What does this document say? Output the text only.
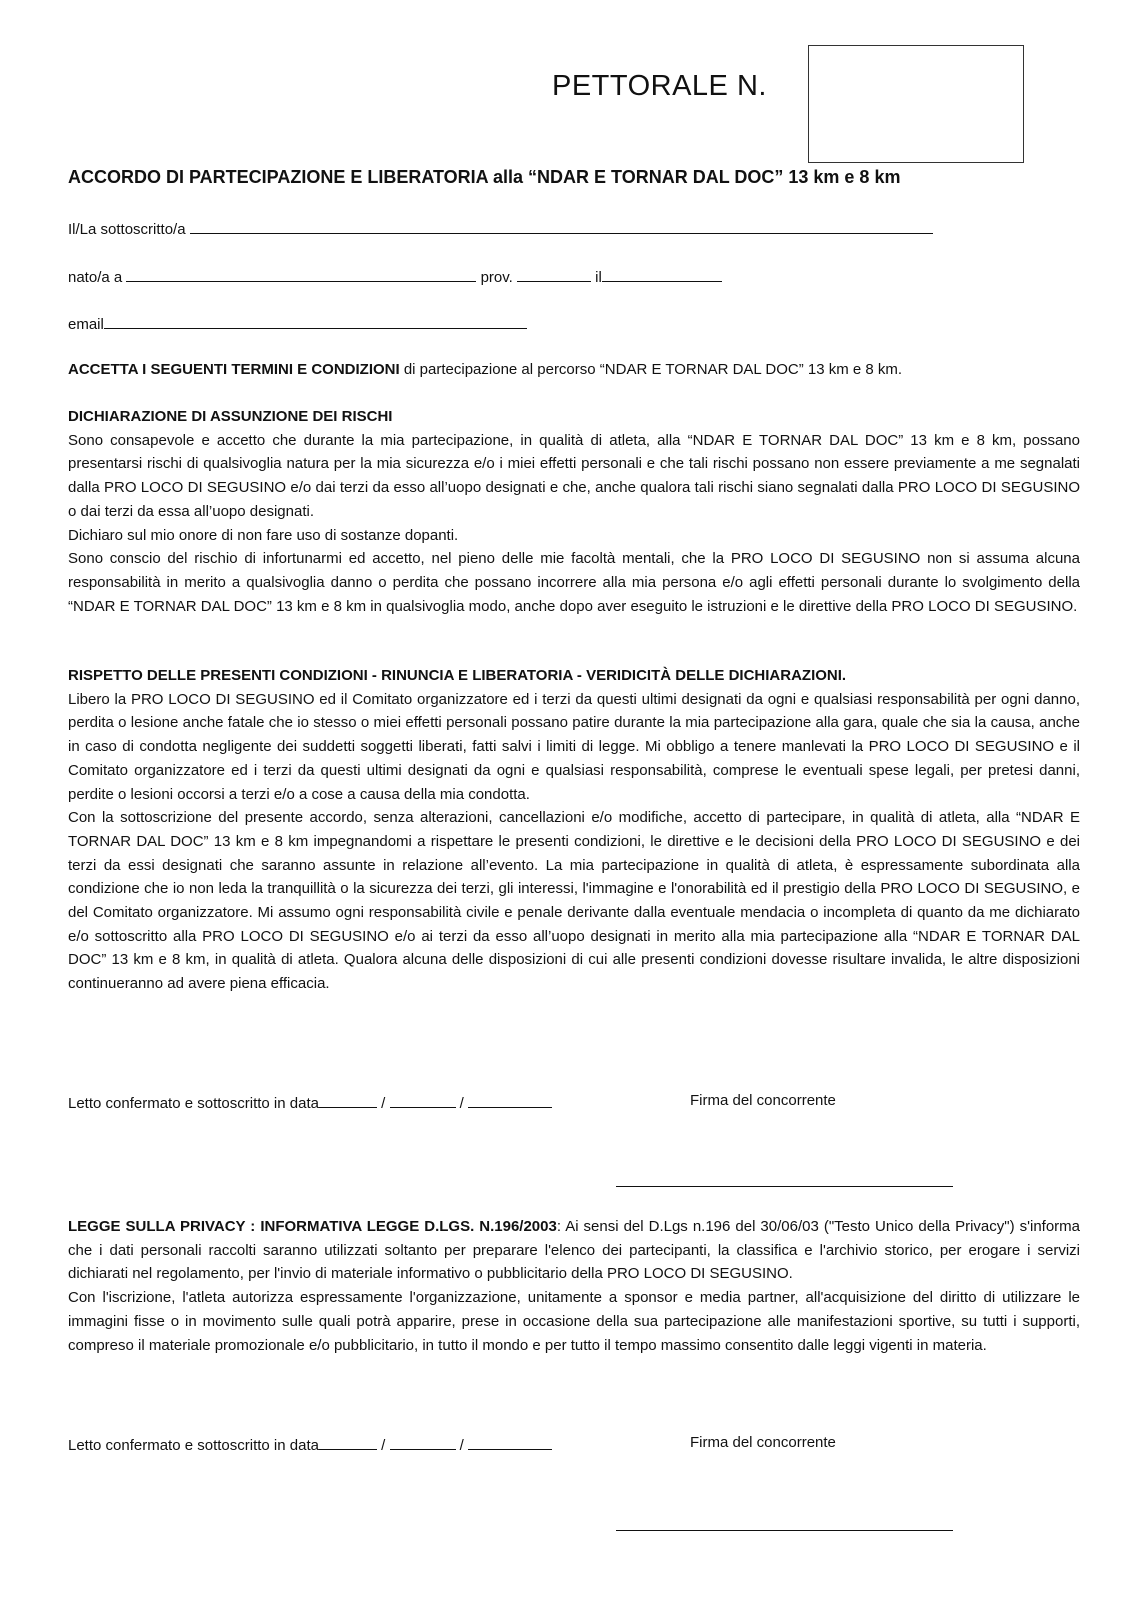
PETTORALE N.
ACCORDO DI PARTECIPAZIONE E LIBERATORIA alla “NDAR E TORNAR DAL DOC” 13 km e 8 km
Il/La sottoscritto/a
nato/a a	prov.	il
email

ACCETTA I SEGUENTI TERMINI E CONDIZIONI di partecipazione al percorso “NDAR E TORNAR DAL DOC” 13 km e 8 km.

DICHIARAZIONE DI ASSUNZIONE DEI RISCHI

Sono consapevole e accetto che durante la mia partecipazione, in qualità di atleta, alla “NDAR E TORNAR DAL DOC” 13 km e 8 km, possano presentarsi rischi di qualsivoglia natura per la mia sicurezza e/o i miei effetti personali e che tali rischi possano non essere previamente a me segnalati dalla PRO LOCO DI SEGUSINO e/o dai terzi da esso all’uopo designati e che, anche qualora tali rischi siano segnalati dalla PRO LOCO DI SEGUSINO o dai terzi da essa all’uopo designati.

Dichiaro sul mio onore di non fare uso di sostanze dopanti.

Sono conscio del rischio di infortunarmi ed accetto, nel pieno delle mie facoltà mentali, che la PRO LOCO DI SEGUSINO non si assuma alcuna responsabilità in merito a qualsivoglia danno o perdita che possano incorrere alla mia persona e/o agli effetti personali durante lo svolgimento della “NDAR E TORNAR DAL DOC” 13 km e 8 km in qualsivoglia modo, anche dopo aver eseguito le istruzioni e le direttive della PRO LOCO DI SEGUSINO.

RISPETTO DELLE PRESENTI CONDIZIONI - RINUNCIA E LIBERATORIA - VERIDICITÀ DELLE DICHIARAZIONI.

Libero la PRO LOCO DI SEGUSINO ed il Comitato organizzatore ed i terzi da questi ultimi designati da ogni e qualsiasi responsabilità per ogni danno, perdita o lesione anche fatale che io stesso o miei effetti personali possano patire durante la mia partecipazione alla gara, quale che sia la causa, anche in caso di condotta negligente dei suddetti soggetti liberati, fatti salvi i limiti di legge. Mi obbligo a tenere manlevati la PRO LOCO DI SEGUSINO e il Comitato organizzatore ed i terzi da questi ultimi designati da ogni e qualsiasi responsabilità, comprese le eventuali spese legali, per pretesi danni, perdite o lesioni occorsi a terzi e/o a cose a causa della mia condotta.

Con la sottoscrizione del presente accordo, senza alterazioni, cancellazioni e/o modifiche, accetto di partecipare, in qualità di atleta, alla “NDAR E TORNAR DAL DOC” 13 km e 8 km impegnandomi a rispettare le presenti condizioni, le direttive e le decisioni della PRO LOCO DI SEGUSINO e dei terzi da essi designati che saranno assunte in relazione all’evento. La mia partecipazione in qualità di atleta, è espressamente subordinata alla condizione che io non leda la tranquillità o la sicurezza dei terzi, gli interessi, l'immagine e l'onorabilità ed il prestigio della PRO LOCO DI SEGUSINO, e del Comitato organizzatore. Mi assumo ogni responsabilità civile e penale derivante dalla eventuale mendacia o incompleta di quanto da me dichiarato e/o sottoscritto alla PRO LOCO DI SEGUSINO e/o ai terzi da esso all’uopo designati in merito alla mia partecipazione alla “NDAR E TORNAR DAL DOC” 13 km e 8 km, in qualità di atleta. Qualora alcuna delle disposizioni di cui alle presenti condizioni dovesse risultare invalida, le altre disposizioni continueranno ad avere piena efficacia.

Letto confermato e sottoscritto in data	/	/	Firma del concorrente

LEGGE SULLA PRIVACY : INFORMATIVA LEGGE D.LGS. N.196/2003: Ai sensi del D.Lgs n.196 del 30/06/03 ("Testo Unico della Privacy") s'informa che i dati personali raccolti saranno utilizzati soltanto per preparare l'elenco dei partecipanti, la classifica e l'archivio storico, per erogare i servizi dichiarati nel regolamento, per l'invio di materiale informativo o pubblicitario della PRO LOCO DI SEGUSINO.

Con l'iscrizione, l'atleta autorizza espressamente l'organizzazione, unitamente a sponsor e media partner, all'acquisizione del diritto di utilizzare le immagini fisse o in movimento sulle quali potrà apparire, prese in occasione della sua partecipazione alle manifestazioni sportive, su tutti i supporti, compreso il materiale promozionale e/o pubblicitario, in tutto il mondo e per tutto il tempo massimo consentito dalle leggi vigenti in materia.

Letto confermato e sottoscritto in data	/	/	Firma del concorrente
